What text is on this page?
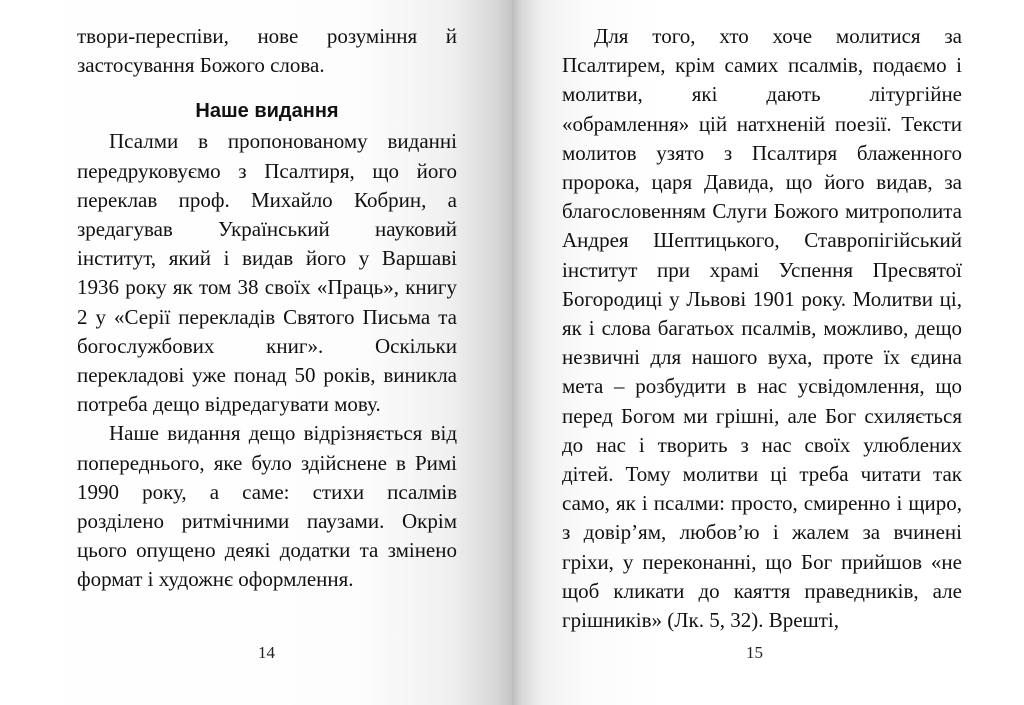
твори-переспіви, нове розуміння й застосування Божого слова.

Наше видання

Псалми в пропонованому виданні передруковуємо з Псалтиря, що його переклав проф. Михайло Кобрин, а зредагував Український науковий інститут, який і видав його у Варшаві 1936 року як том 38 своїх «Праць», книгу 2 у «Серії перекладів Святого Письма та богослужбових книг». Оскільки перекладові уже понад 50 років, виникла потреба дещо відредагувати мову.

Наше видання дещо відрізняється від попереднього, яке було здійснене в Римі 1990 року, а саме: стихи псалмів розділено ритмічними паузами. Окрім цього опущено деякі додатки та змінено формат і художнє оформлення.

14

Для того, хто хоче молитися за Псалтирем, крім самих псалмів, подаємо і молитви, які дають літургійне «обрамлення» цій натхненій поезії. Тексти молитов узято з Псалтиря блаженного пророка, царя Давида, що його видав, за благословенням Слуги Божого митрополита Андрея Шептицького, Ставропігійський інститут при храмі Успення Пресвятої Богородиці у Львові 1901 року. Молитви ці, як і слова багатьох псалмів, можливо, дещо незвичні для нашого вуха, проте їх єдина мета – розбудити в нас усвідомлення, що перед Богом ми грішні, але Бог схиляється до нас і творить з нас своїх улюблених дітей. Тому молитви ці треба читати так само, як і псалми: просто, смиренно і щиро, з довір’ям, любов’ю і жалем за вчинені гріхи, у переконанні, що Бог прийшов «не щоб кликати до каяття праведників, але грішників» (Лк. 5, 32). Врешті,

15
